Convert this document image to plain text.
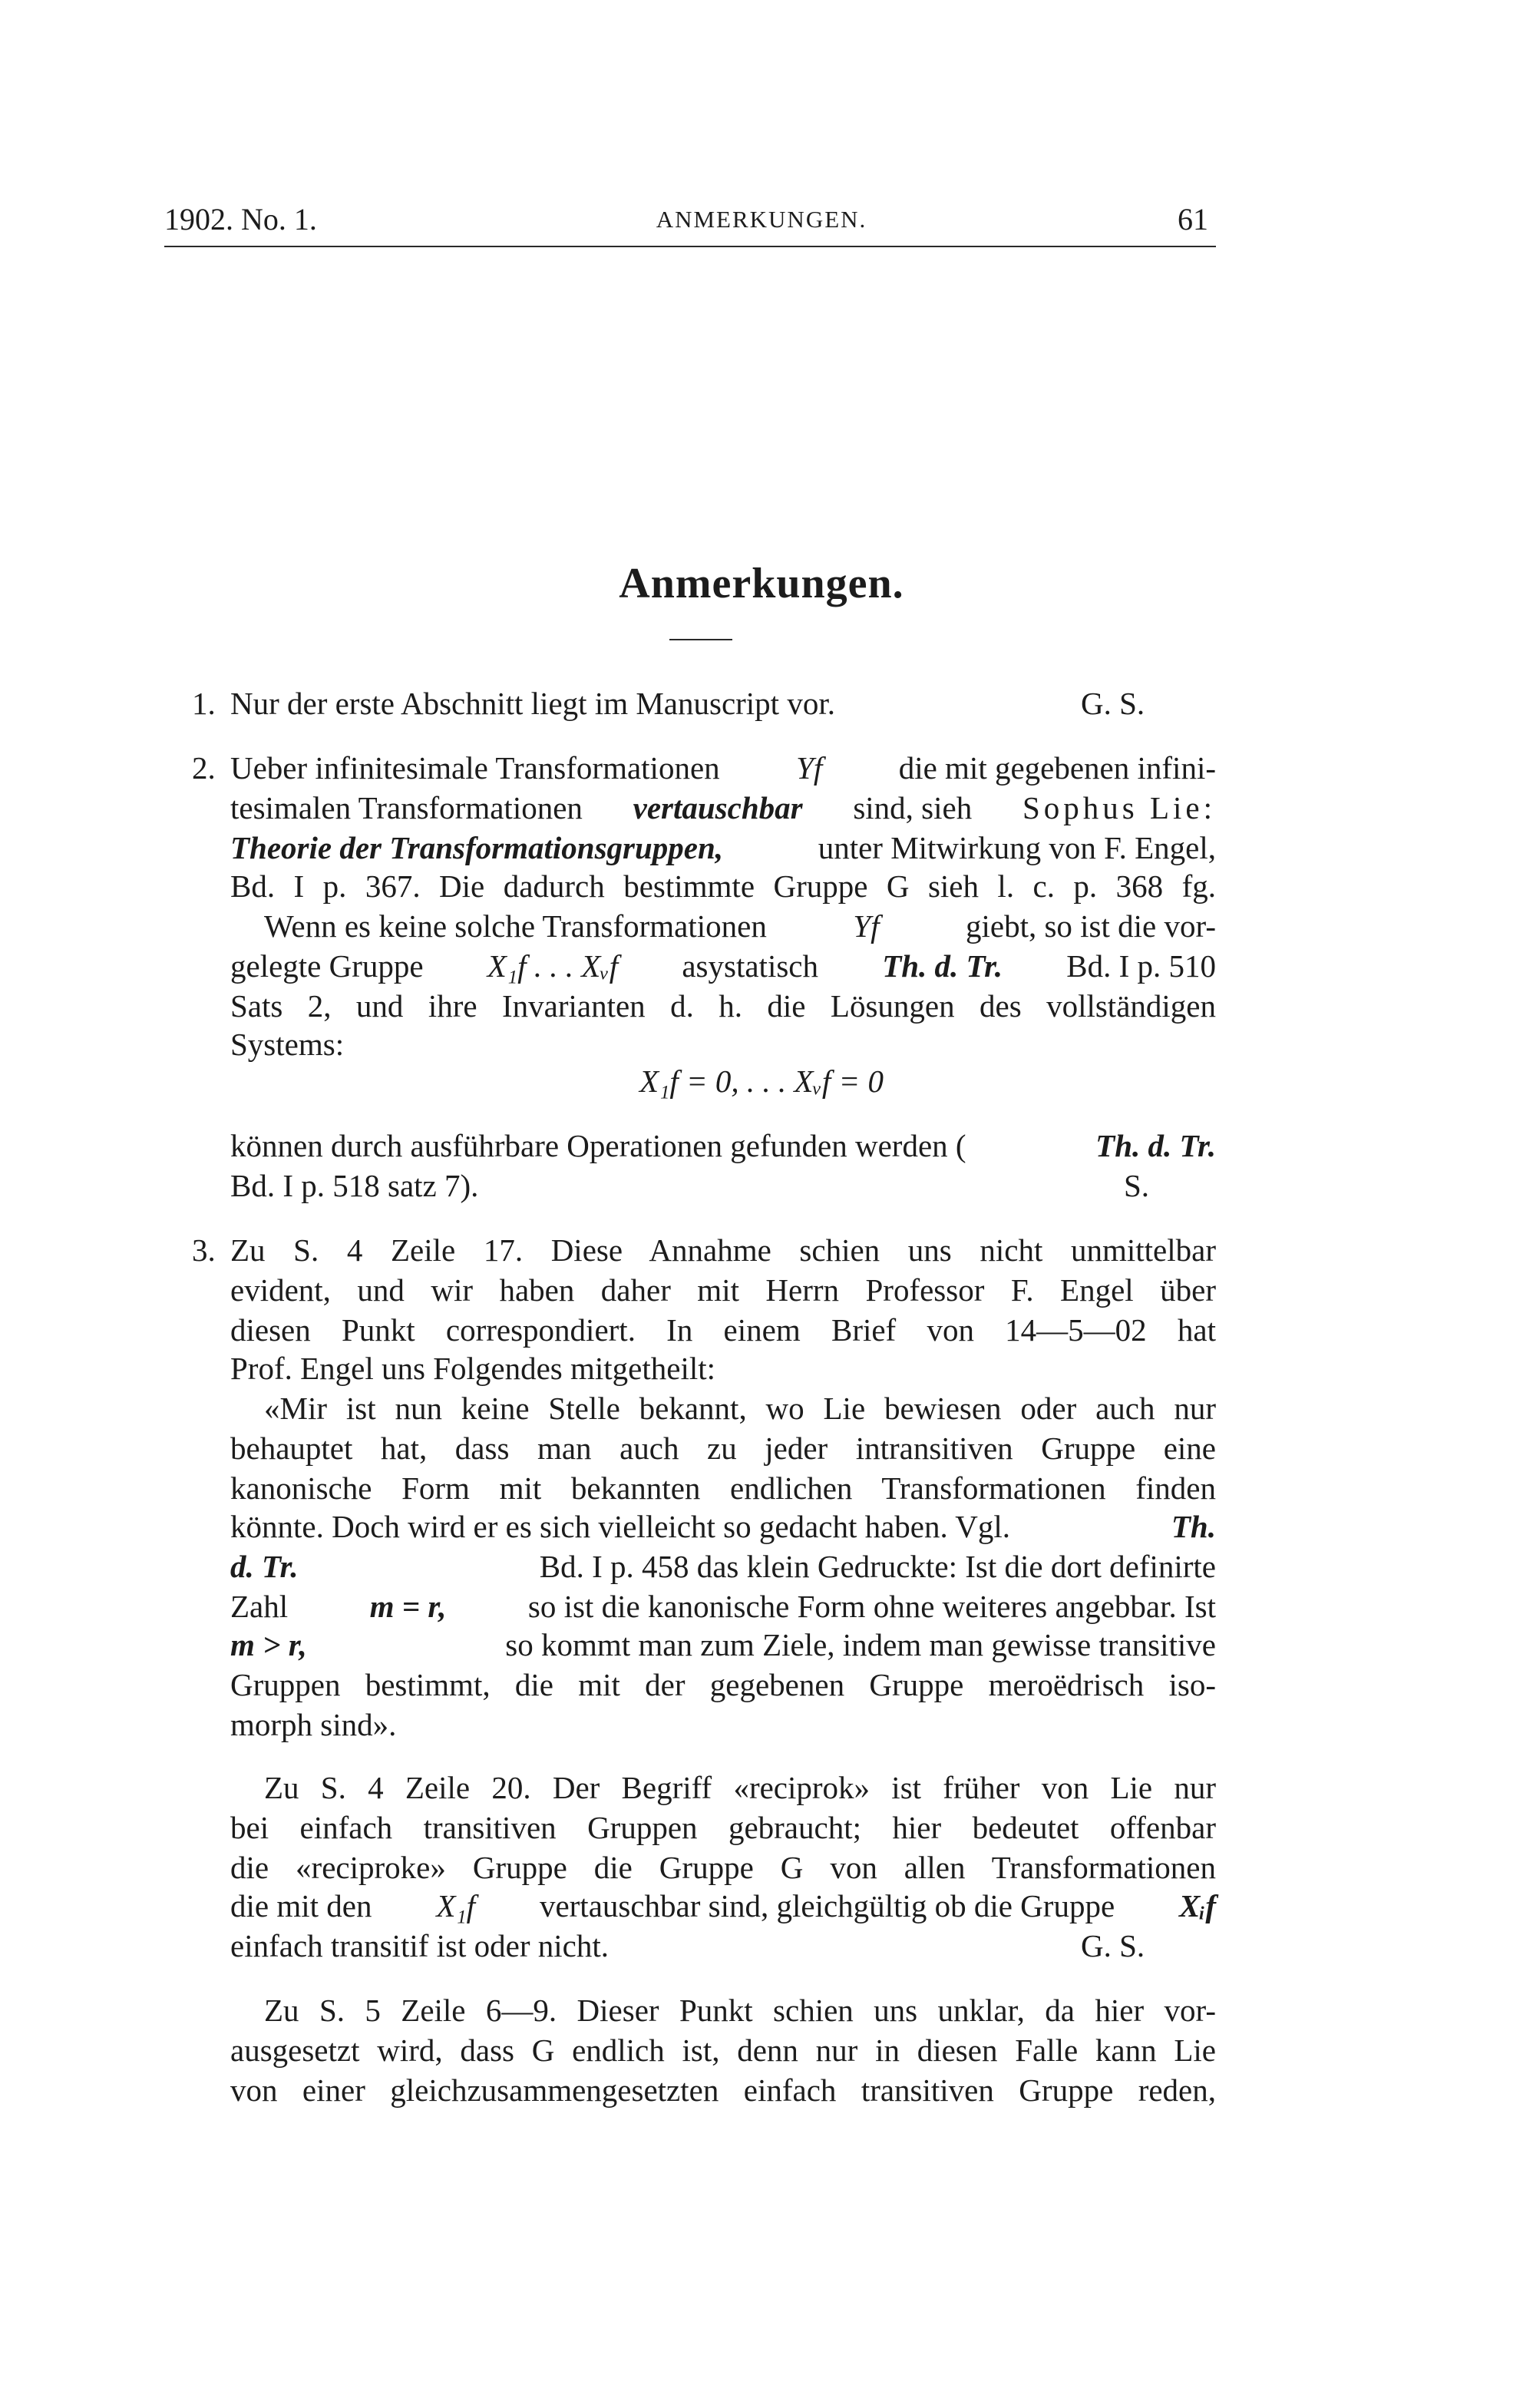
1902. No. 1.	ANMERKUNGEN.	61
Anmerkungen.
1. Nur der erste Abschnitt liegt im Manuscript vor.	G. S.
2. Ueber infinitesimale Transformationen Yf die mit gegebenen infini-
tesimalen Transformationen vertauschbar sind, sieh Sophus Lie:
Theorie der Transformationsgruppen,	unter Mitwirkung von F. Engel,
Bd. I p. 367. Die dadurch bestimmte Gruppe G sieh l. c. p. 368 fg.
Wenn es keine solche Transformationen	Yf	giebt, so ist die vor-
gelegte Gruppe X₁f . . . Xᵥf asystatisch Th. d. Tr. Bd. I p. 510
Sats 2, und ihre Invarianten d. h. die Lösungen des vollständigen
Systems:
X₁f = 0, . . . Xᵥf = 0
können durch ausführbare Operationen gefunden werden (	Th. d. Tr.
Bd. I p. 518 satz 7).	S.
3. Zu S. 4 Zeile 17. Diese Annahme schien uns nicht unmittelbar
evident, und wir haben daher mit Herrn Professor F. Engel über
diesen Punkt correspondiert. In einem Brief von 14—5—02 hat
Prof. Engel uns Folgendes mitgetheilt:
«Mir ist nun keine Stelle bekannt, wo Lie bewiesen oder auch nur
behauptet hat, dass man auch zu jeder intransitiven Gruppe eine
kanonische Form mit bekannten endlichen Transformationen finden
könnte. Doch wird er es sich vielleicht so gedacht haben. Vgl.	Th.
d. Tr.	Bd. I p. 458 das klein Gedruckte: Ist die dort definirte
Zahl	m = r,	so ist die kanonische Form ohne weiteres angebbar. Ist
m > r,	so kommt man zum Ziele, indem man gewisse transitive
Gruppen bestimmt, die mit der gegebenen Gruppe meroëdrisch iso-
morph sind».
Zu S. 4 Zeile 20. Der Begriff «reciprok» ist früher von Lie nur
bei einfach transitiven Gruppen gebraucht; hier bedeutet offenbar
die «reciproke» Gruppe die Gruppe G von allen Transformationen
die mit den X₁f vertauschbar sind, gleichgültig ob die Gruppe Xᵢf
einfach transitif ist oder nicht.	G. S.
Zu S. 5 Zeile 6—9. Dieser Punkt schien uns unklar, da hier vor-
ausgesetzt wird, dass G endlich ist, denn nur in diesen Falle kann Lie
von einer gleichzusammengesetzten einfach transitiven Gruppe reden,
